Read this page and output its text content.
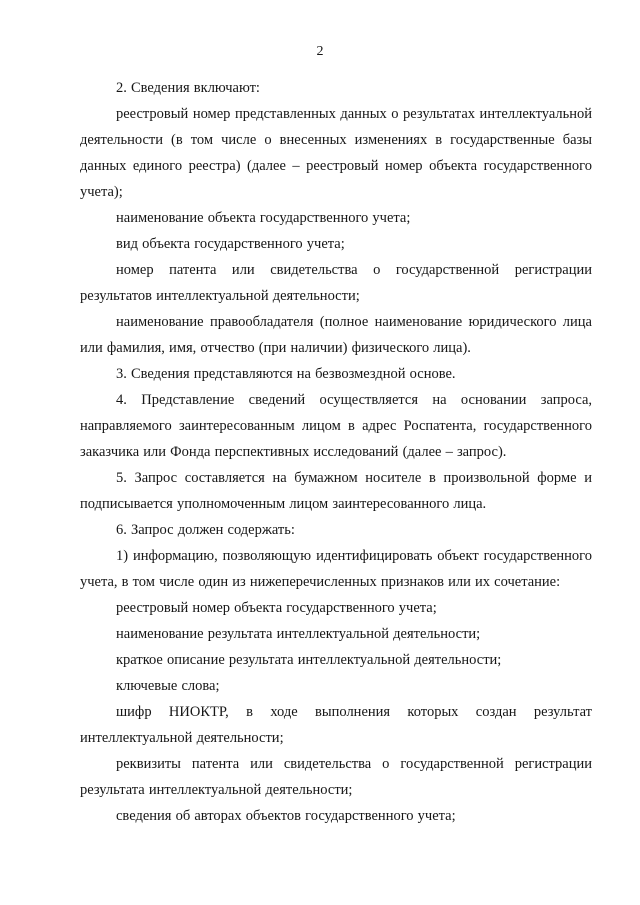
2

2. Сведения включают:

реестровый номер представленных данных о результатах интеллектуальной деятельности (в том числе о внесенных изменениях в государственные базы данных единого реестра) (далее – реестровый номер объекта государственного учета);

наименование объекта государственного учета;

вид объекта государственного учета;

номер патента или свидетельства о государственной регистрации результатов интеллектуальной деятельности;

наименование правообладателя (полное наименование юридического лица или фамилия, имя, отчество (при наличии) физического лица).

3. Сведения представляются на безвозмездной основе.

4. Представление сведений осуществляется на основании запроса, направляемого заинтересованным лицом в адрес Роспатента, государственного заказчика или Фонда перспективных исследований (далее – запрос).

5. Запрос составляется на бумажном носителе в произвольной форме и подписывается уполномоченным лицом заинтересованного лица.

6. Запрос должен содержать:

1) информацию, позволяющую идентифицировать объект государственного учета, в том числе один из нижеперечисленных признаков или их сочетание:

реестровый номер объекта государственного учета;

наименование результата интеллектуальной деятельности;

краткое описание результата интеллектуальной деятельности;

ключевые слова;

шифр НИОКТР, в ходе выполнения которых создан результат интеллектуальной деятельности;

реквизиты патента или свидетельства о государственной регистрации результата интеллектуальной деятельности;

сведения об авторах объектов государственного учета;
